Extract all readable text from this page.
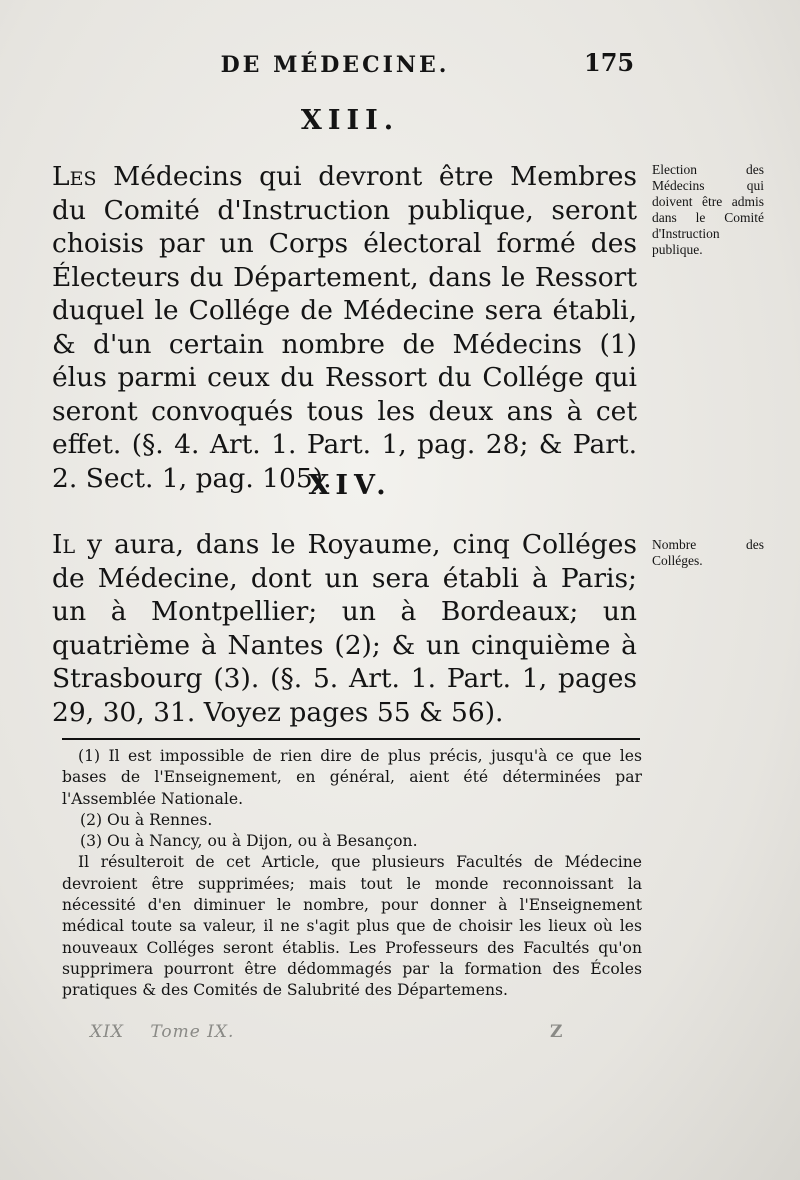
DE MÉDECINE.	175
XIII.
Les Médecins qui devront être Membres du Comité d'Instruction publique, seront choisis par un Corps électoral formé des Électeurs du Département, dans le Ressort duquel le Collége de Médecine sera établi, & d'un certain nombre de Médecins (1) élus parmi ceux du Ressort du Collége qui seront convoqués tous les deux ans à cet effet. (§. 4. Art. 1. Part. 1, pag. 28; & Part. 2. Sect. 1, pag. 105).
Election des Médecins qui doivent être admis dans le Comité d'Instruction publique.
XIV.
Il y aura, dans le Royaume, cinq Colléges de Médecine, dont un sera établi à Paris; un à Montpellier; un à Bordeaux; un quatrième à Nantes (2); & un cinquième à Strasbourg (3). (§. 5. Art. 1. Part. 1, pages 29, 30, 31. Voyez pages 55 & 56).
Nombre des Colléges.

(1) Il est impossible de rien dire de plus précis, jusqu'à ce que les bases de l'Enseignement, en général, aient été déterminées par l'Assemblée Nationale.

(2) Ou à Rennes.

(3) Ou à Nancy, ou à Dijon, ou à Besançon.

Il résulteroit de cet Article, que plusieurs Facultés de Médecine devroient être supprimées; mais tout le monde reconnoissant la nécessité d'en diminuer le nombre, pour donner à l'Enseignement médical toute sa valeur, il ne s'agit plus que de choisir les lieux où les nouveaux Colléges seront établis. Les Professeurs des Facultés qu'on supprimera pourront être dédommagés par la formation des Écoles pratiques & des Comités de Salubrité des Départemens.

XIX Tome IX.	Z
